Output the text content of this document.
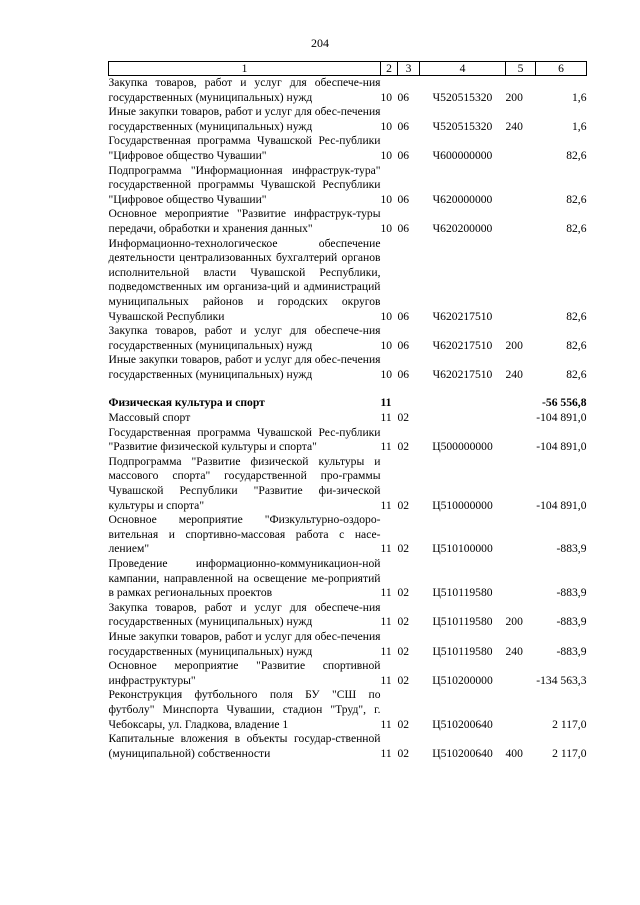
204
1	2	3	4	5	6
Закупка товаров, работ и услуг для обеспече-ния государственных (муниципальных) нужд	10	06	Ч520515320	200	1,6
Иные закупки товаров, работ и услуг для обес-печения государственных (муниципальных) нужд	10	06	Ч520515320	240	1,6
Государственная программа Чувашской Рес-публики "Цифровое общество Чувашии"	10	06	Ч600000000		82,6
Подпрограмма "Информационная инфраструк-тура" государственной программы Чувашской Республики "Цифровое общество Чувашии"	10	06	Ч620000000		82,6
Основное мероприятие "Развитие инфраструк-туры передачи, обработки и хранения данных"	10	06	Ч620200000		82,6
Информационно-технологическое обеспечение деятельности централизованных бухгалтерий органов исполнительной власти Чувашской Республики, подведомственных им организа-ций и администраций муниципальных районов и городских округов Чувашской Республики	10	06	Ч620217510		82,6
Закупка товаров, работ и услуг для обеспече-ния государственных (муниципальных) нужд	10	06	Ч620217510	200	82,6
Иные закупки товаров, работ и услуг для обес-печения государственных (муниципальных) нужд	10	06	Ч620217510	240	82,6

Физическая культура и спорт	11				-56 556,8
Массовый спорт	11	02			-104 891,0
Государственная программа Чувашской Рес-публики "Развитие физической культуры и спорта"	11	02	Ц500000000		-104 891,0
Подпрограмма "Развитие физической культуры и массового спорта" государственной про-граммы Чувашской Республики "Развитие фи-зической культуры и спорта"	11	02	Ц510000000		-104 891,0
Основное мероприятие "Физкультурно-оздоро-вительная и спортивно-массовая работа с насе-лением"	11	02	Ц510100000		-883,9
Проведение информационно-коммуникацион-ной кампании, направленной на освещение ме-роприятий в рамках региональных проектов	11	02	Ц510119580		-883,9
Закупка товаров, работ и услуг для обеспече-ния государственных (муниципальных) нужд	11	02	Ц510119580	200	-883,9
Иные закупки товаров, работ и услуг для обес-печения государственных (муниципальных) нужд	11	02	Ц510119580	240	-883,9
Основное мероприятие "Развитие спортивной инфраструктуры"	11	02	Ц510200000		-134 563,3
Реконструкция футбольного поля БУ "СШ по футболу" Минспорта Чувашии, стадион "Труд", г. Чебоксары, ул. Гладкова, владение 1	11	02	Ц510200640		2 117,0
Капитальные вложения в объекты государ-ственной (муниципальной) собственности	11	02	Ц510200640	400	2 117,0
